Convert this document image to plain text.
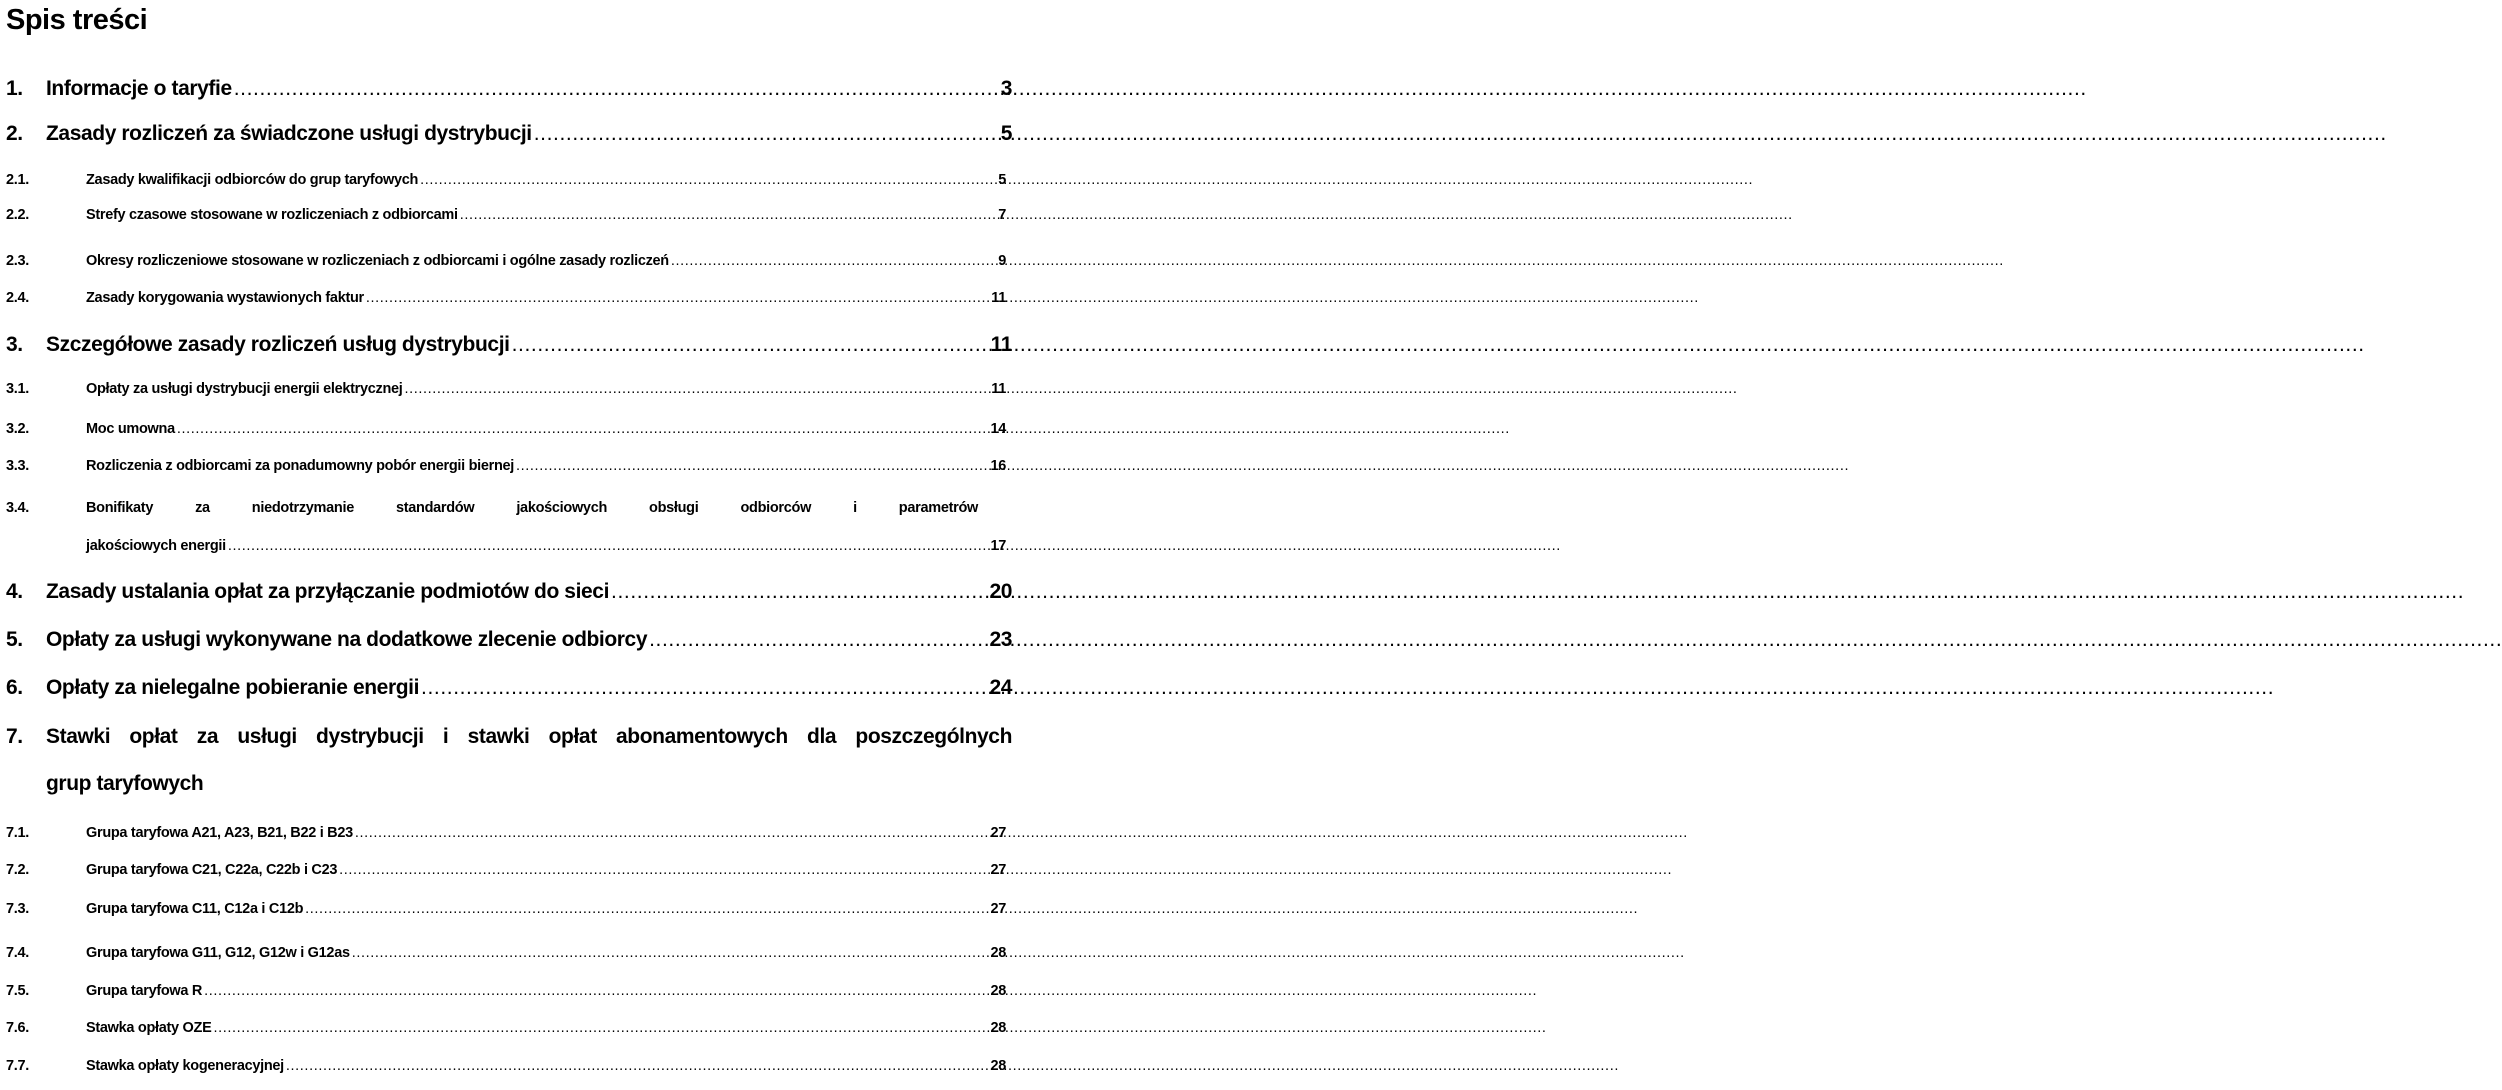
Spis treści
1.	Informacje o taryfie .....	3
2.	Zasady rozliczeń za świadczone usługi dystrybucji .....	5
2.1.	Zasady kwalifikacji odbiorców do grup taryfowych .....	5
2.2.	Strefy czasowe stosowane w rozliczeniach z odbiorcami .....	7
2.3.	Okresy rozliczeniowe stosowane w rozliczeniach z odbiorcami i ogólne zasady rozliczeń .....	9
2.4.	Zasady korygowania wystawionych faktur .....	11
3.	Szczegółowe zasady rozliczeń usług dystrybucji .....	11
3.1.	Opłaty za usługi dystrybucji energii elektrycznej .....	11
3.2.	Moc umowna .....	14
3.3.	Rozliczenia z odbiorcami za ponadumowny pobór energii biernej .....	16
3.4.	Bonifikaty za niedotrzymanie standardów jakościowych obsługi odbiorców i parametrów
jakościowych energii .....	17
4.	Zasady ustalania opłat za przyłączanie podmiotów do sieci .....	20
5.	Opłaty za usługi wykonywane na dodatkowe zlecenie odbiorcy .....	23
6.	Opłaty za nielegalne pobieranie energii .....	24
7.	Stawki opłat za usługi dystrybucji i stawki opłat abonamentowych dla poszczególnych
grup taryfowych
7.1.	Grupa taryfowa A21, A23, B21, B22 i B23 .....	27
7.2.	Grupa taryfowa C21, C22a, C22b i C23 .....	27
7.3.	Grupa taryfowa C11, C12a i C12b .....	27
7.4.	Grupa taryfowa G11, G12, G12w i G12as .....	28
7.5.	Grupa taryfowa R .....	28
7.6.	Stawka opłaty OZE .....	28
7.7.	Stawka opłaty kogeneracyjnej .....	28
